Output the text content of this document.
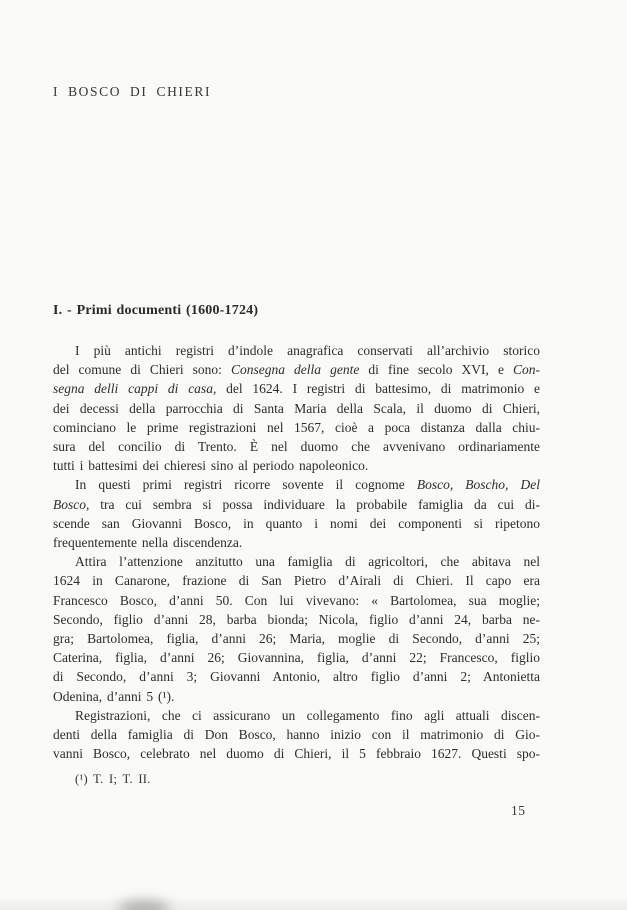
I BOSCO DI CHIERI
I. - Primi documenti (1600-1724)
I più antichi registri d’indole anagrafica conservati all’archivio storico
del comune di Chieri sono: Consegna della gente di fine secolo XVI, e Con-
segna delli cappi di casa, del 1624. I registri di battesimo, di matrimonio e
dei decessi della parrocchia di Santa Maria della Scala, il duomo di Chieri,
cominciano le prime registrazioni nel 1567, cioè a poca distanza dalla chiu-
sura del concilio di Trento. È nel duomo che avvenivano ordinariamente
tutti i battesimi dei chieresi sino al periodo napoleonico.
In questi primi registri ricorre sovente il cognome Bosco, Boscho, Del
Bosco, tra cui sembra si possa individuare la probabile famiglia da cui di-
scende san Giovanni Bosco, in quanto i nomi dei componenti si ripetono
frequentemente nella discendenza.
Attira l’attenzione anzitutto una famiglia di agricoltori, che abitava nel
1624 in Canarone, frazione di San Pietro d’Airali di Chieri. Il capo era
Francesco Bosco, d’anni 50. Con lui vivevano: « Bartolomea, sua moglie;
Secondo, figlio d’anni 28, barba bionda; Nicola, figlio d’anni 24, barba ne-
gra; Bartolomea, figlia, d’anni 26; Maria, moglie di Secondo, d’anni 25;
Caterina, figlia, d’anni 26; Giovannina, figlia, d’anni 22; Francesco, figlio
di Secondo, d’anni 3; Giovanni Antonio, altro figlio d’anni 2; Antonietta
Odenina, d’anni 5 (¹).
Registrazioni, che ci assicurano un collegamento fino agli attuali discen-
denti della famiglia di Don Bosco, hanno inizio con il matrimonio di Gio-
vanni Bosco, celebrato nel duomo di Chieri, il 5 febbraio 1627. Questi spo-
(¹) T. I; T. II.
15
